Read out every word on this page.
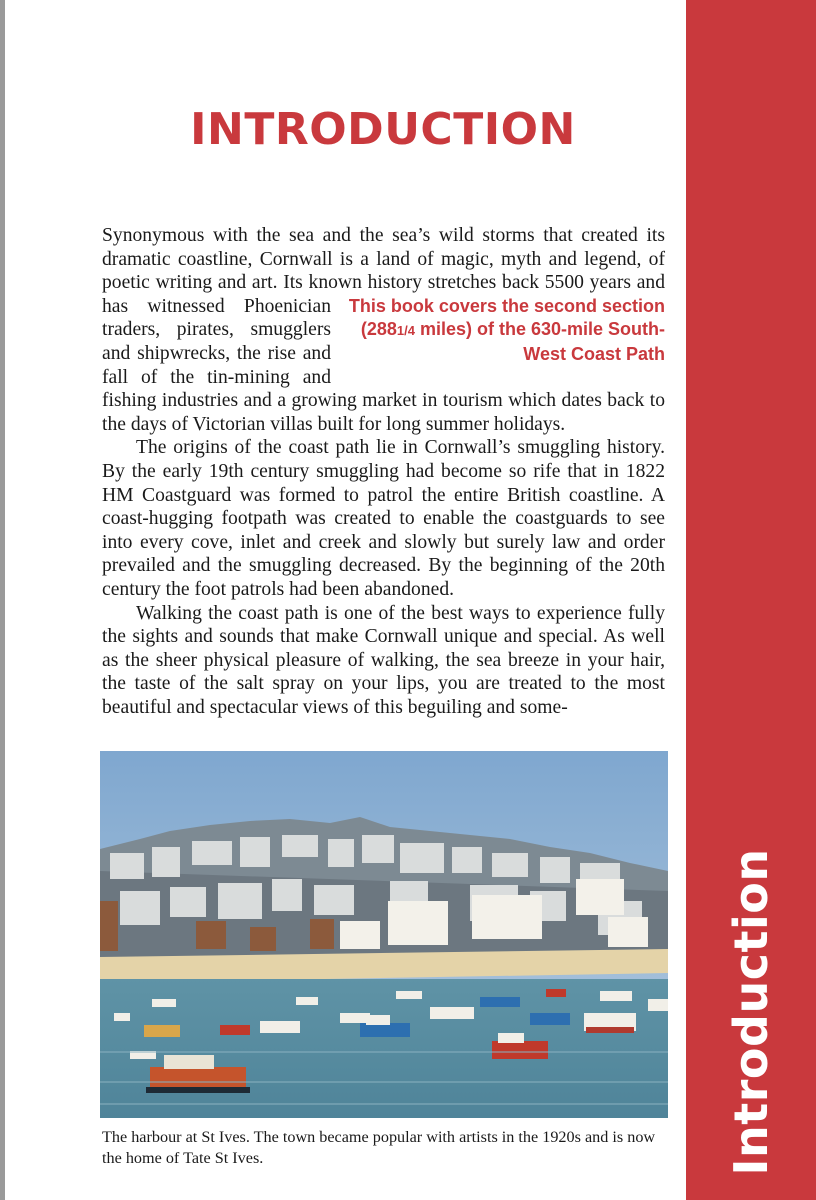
Introduction
INTRODUCTION

Synonymous with the sea and the sea’s wild storms that created its dramatic coastline, Cornwall is a land of magic, myth and legend, of poetic writing and art. Its known history stretches back 5500 years
This book covers the second section (2881/4 miles) of the 630-mile South-West Coast Path
and has witnessed Phoenician traders, pirates, smugglers and shipwrecks, the rise and fall of the tin-mining and fishing industries and a growing market in tourism which dates back to the days of Victorian villas built for long summer holidays.

The origins of the coast path lie in Cornwall’s smuggling history. By the early 19th century smuggling had become so rife that in 1822 HM Coastguard was formed to patrol the entire British coastline. A coast-hugging footpath was created to enable the coastguards to see into every cove, inlet and creek and slowly but surely law and order prevailed and the smuggling decreased. By the beginning of the 20th century the foot patrols had been abandoned.

Walking the coast path is one of the best ways to experience fully the sights and sounds that make Cornwall unique and special. As well as the sheer physical pleasure of walking, the sea breeze in your hair, the taste of the salt spray on your lips, you are treated to the most beautiful and spectacular views of this beguiling and some-

The harbour at St Ives. The town became popular with artists in the 1920s and is now the home of Tate St Ives.
